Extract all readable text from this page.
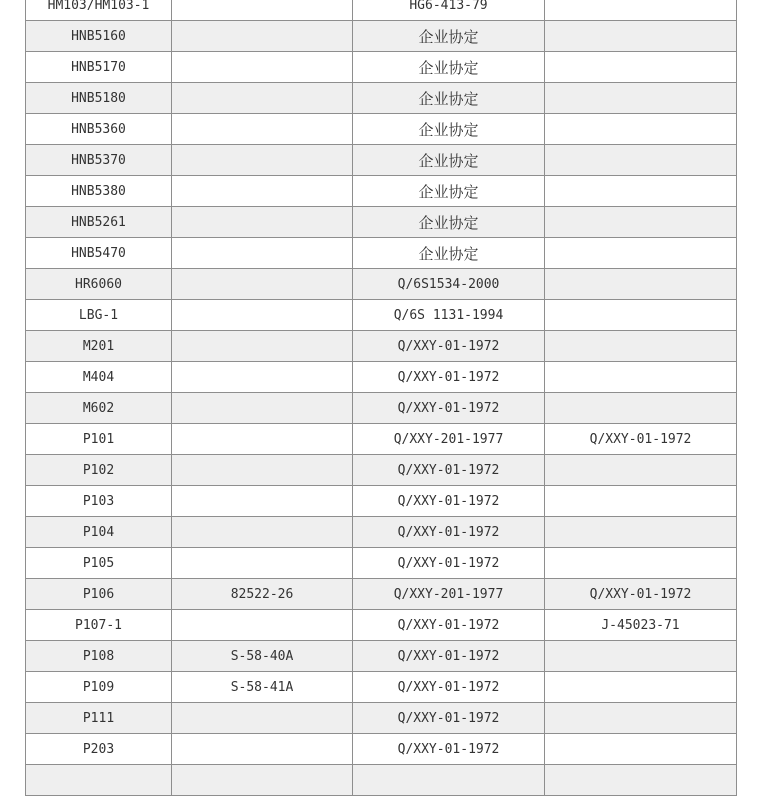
HM103/HM103-1		HG6-413-79	
HNB5160		企业协定	
HNB5170		企业协定	
HNB5180		企业协定	
HNB5360		企业协定	
HNB5370		企业协定	
HNB5380		企业协定	
HNB5261		企业协定	
HNB5470		企业协定	
HR6060		Q/6S1534-2000	
LBG-1		Q/6S 1131-1994	
M201		Q/XXY-01-1972	
M404		Q/XXY-01-1972	
M602		Q/XXY-01-1972	
P101		Q/XXY-201-1977	Q/XXY-01-1972
P102		Q/XXY-01-1972	
P103		Q/XXY-01-1972	
P104		Q/XXY-01-1972	
P105		Q/XXY-01-1972	
P106	82522-26	Q/XXY-201-1977	Q/XXY-01-1972
P107-1		Q/XXY-01-1972	J-45023-71
P108	S-58-40A	Q/XXY-01-1972	
P109	S-58-41A	Q/XXY-01-1972	
P111		Q/XXY-01-1972	
P203		Q/XXY-01-1972	
